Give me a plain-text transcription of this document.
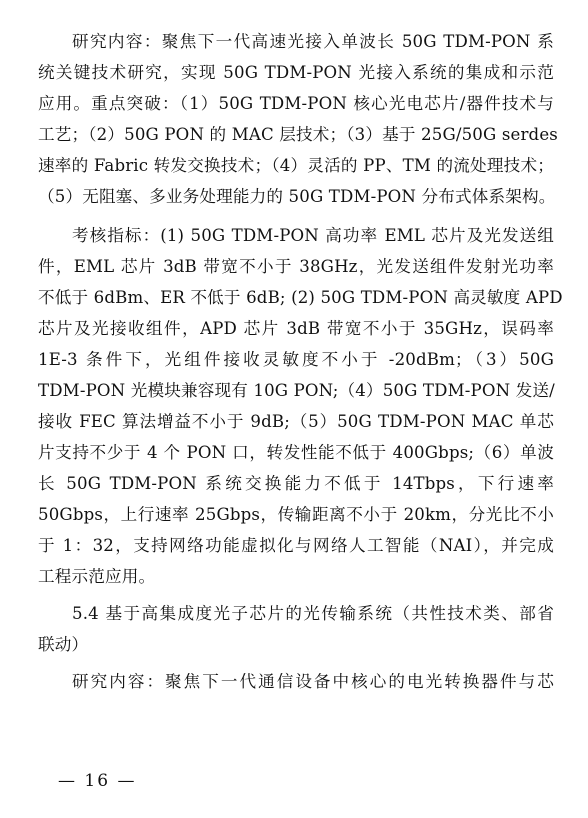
研究内容：聚焦下一代高速光接入单波长 50G TDM-PON 系
统关键技术研究，实现 50G TDM-PON 光接入系统的集成和示范
应用。重点突破：（1）50G TDM-PON 核心光电芯片/器件技术与
工艺；（2）50G PON 的 MAC 层技术；（3）基于 25G/50G serdes
速率的 Fabric 转发交换技术；（4）灵活的 PP、TM 的流处理技术；
（5）无阻塞、多业务处理能力的 50G TDM-PON 分布式体系架构。
考核指标：(1) 50G TDM-PON 高功率 EML 芯片及光发送组
件，EML 芯片 3dB 带宽不小于 38GHz，光发送组件发射光功率
不低于 6dBm、ER 不低于 6dB; (2) 50G TDM-PON 高灵敏度 APD
芯片及光接收组件，APD 芯片 3dB 带宽不小于 35GHz，误码率
1E-3 条件下，光组件接收灵敏度不小于 -20dBm；（3）50G
TDM-PON 光模块兼容现有 10G PON;（4）50G TDM-PON 发送/
接收 FEC 算法增益不小于 9dB;（5）50G TDM-PON MAC 单芯
片支持不少于 4 个 PON 口，转发性能不低于 400Gbps;（6）单波
长 50G TDM-PON 系统交换能力不低于 14Tbps，下行速率
50Gbps，上行速率 25Gbps，传输距离不小于 20km，分光比不小
于 1：32，支持网络功能虚拟化与网络人工智能（NAI），并完成
工程示范应用。
5.4 基于高集成度光子芯片的光传输系统（共性技术类、部省
联动）
研究内容：聚焦下一代通信设备中核心的电光转换器件与芯
— 16 —
